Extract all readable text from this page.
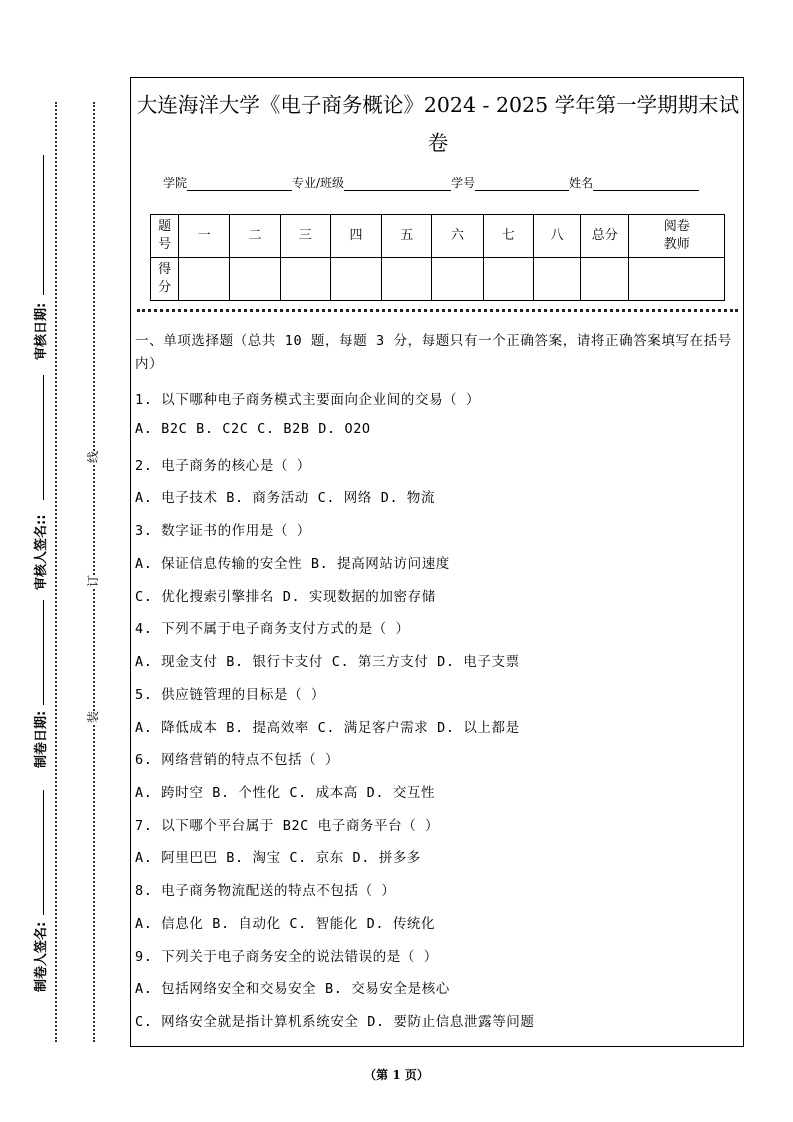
审核日期:
审核人签名::
制卷日期:
制卷人签名:
线
订
装
大连海洋大学《电子商务概论》2024 - 2025 学年第一学期期末试卷
学院	专业/班级	学号	姓名
题号	一	二	三	四	五	六	七	八	总分	阅卷教师
得分										
一、单项选择题（总共 10 题，每题 3 分，每题只有一个正确答案，请将正确答案填写在括号内）
1. 以下哪种电子商务模式主要面向企业间的交易（ ）
A. B2C B. C2C C. B2B D. O2O
2. 电子商务的核心是（ ）
A. 电子技术 B. 商务活动 C. 网络 D. 物流
3. 数字证书的作用是（ ）
A. 保证信息传输的安全性 B. 提高网站访问速度
C. 优化搜索引擎排名 D. 实现数据的加密存储
4. 下列不属于电子商务支付方式的是（ ）
A. 现金支付 B. 银行卡支付 C. 第三方支付 D. 电子支票
5. 供应链管理的目标是（ ）
A. 降低成本 B. 提高效率 C. 满足客户需求 D. 以上都是
6. 网络营销的特点不包括（ ）
A. 跨时空 B. 个性化 C. 成本高 D. 交互性
7. 以下哪个平台属于 B2C 电子商务平台（ ）
A. 阿里巴巴 B. 淘宝 C. 京东 D. 拼多多
8. 电子商务物流配送的特点不包括（ ）
A. 信息化 B. 自动化 C. 智能化 D. 传统化
9. 下列关于电子商务安全的说法错误的是（ ）
A. 包括网络安全和交易安全 B. 交易安全是核心
C. 网络安全就是指计算机系统安全 D. 要防止信息泄露等问题
（第 1 页）
